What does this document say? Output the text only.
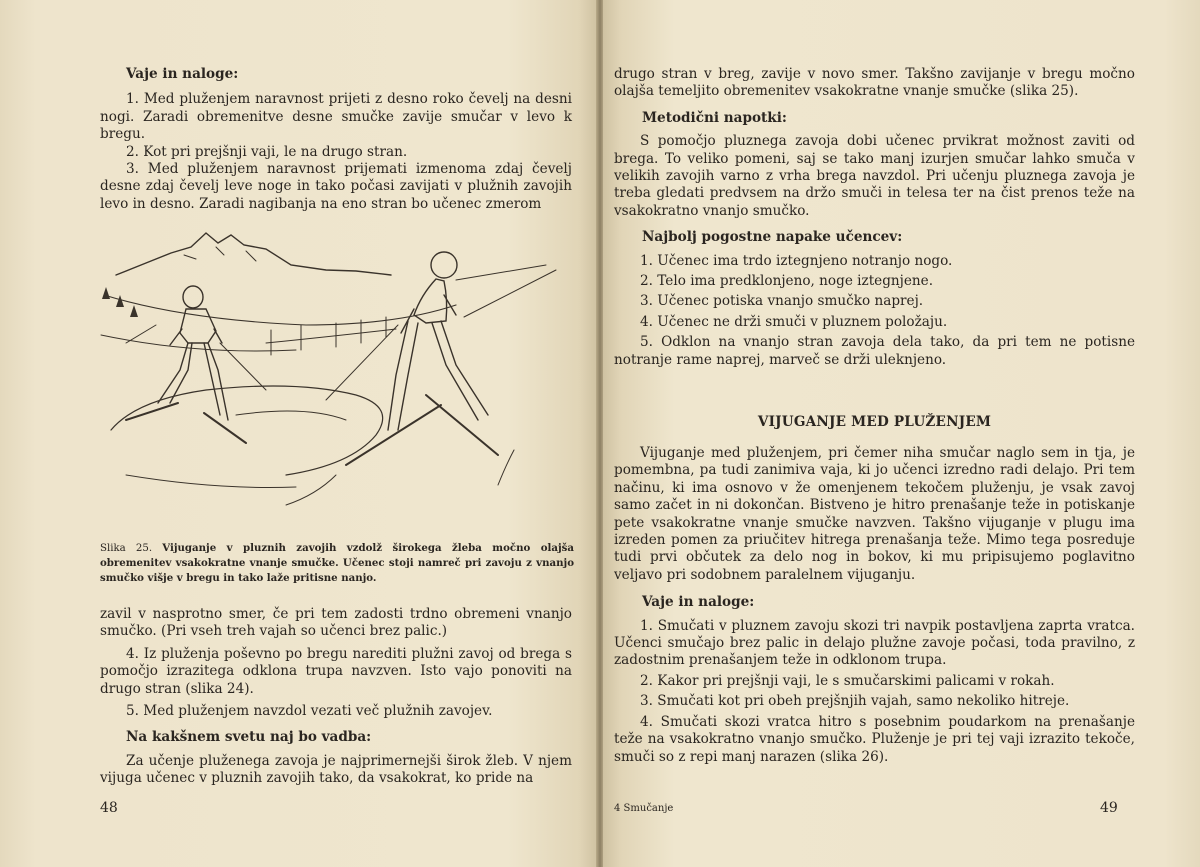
Vaje in naloge:

1. Med pluženjem naravnost prijeti z desno roko čevelj na desni nogi. Zaradi obremenitve desne smučke zavije smučar v levo k bregu.

2. Kot pri prejšnji vaji, le na drugo stran.

3. Med pluženjem naravnost prijemati izmenoma zdaj čevelj desne zdaj čevelj leve noge in tako počasi zavijati v plužnih zavojih levo in desno. Zaradi nagibanja na eno stran bo učenec zmerom

Slika 25. Vijuganje v pluznih zavojih vzdolž širokega žleba močno olajša obremenitev vsakokratne vnanje smučke. Učenec stoji namreč pri zavoju z vnanjo smučko višje v bregu in tako laže pritisne nanjo.

zavil v nasprotno smer, če pri tem zadosti trdno obremeni vnanjo smučko. (Pri vseh treh vajah so učenci brez palic.)

4. Iz pluženja poševno po bregu narediti plužni zavoj od brega s pomočjo izrazitega odklona trupa navzven. Isto vajo ponoviti na drugo stran (slika 24).

5. Med pluženjem navzdol vezati več plužnih zavojev.

Na kakšnem svetu naj bo vadba:

Za učenje pluženega zavoja je najprimernejši širok žleb. V njem vijuga učenec v pluznih zavojih tako, da vsakokrat, ko pride na

48

drugo stran v breg, zavije v novo smer. Takšno zavijanje v bregu močno olajša temeljito obremenitev vsakokratne vnanje smučke (slika 25).

Metodični napotki:

S pomočjo pluznega zavoja dobi učenec prvikrat možnost zaviti od brega. To veliko pomeni, saj se tako manj izurjen smučar lahko smuča v velikih zavojih varno z vrha brega navzdol. Pri učenju pluznega zavoja je treba gledati predvsem na držo smuči in telesa ter na čist prenos teže na vsakokratno vnanjo smučko.

Najbolj pogostne napake učencev:

1. Učenec ima trdo iztegnjeno notranjo nogo.

2. Telo ima predklonjeno, noge iztegnjene.

3. Učenec potiska vnanjo smučko naprej.

4. Učenec ne drži smuči v pluznem položaju.

5. Odklon na vnanjo stran zavoja dela tako, da pri tem ne potisne notranje rame naprej, marveč se drži uleknjeno.

VIJUGANJE MED PLUŽENJEM

Vijuganje med pluženjem, pri čemer niha smučar naglo sem in tja, je pomembna, pa tudi zanimiva vaja, ki jo učenci izredno radi delajo. Pri tem načinu, ki ima osnovo v že omenjenem tekočem pluženju, je vsak zavoj samo začet in ni dokončan. Bistveno je hitro prenašanje teže in potiskanje pete vsakokratne vnanje smučke navzven. Takšno vijuganje v plugu ima izreden pomen za priučitev hitrega prenašanja teže. Mimo tega posreduje tudi prvi občutek za delo nog in bokov, ki mu pripisujemo poglavitno veljavo pri sodobnem paralelnem vijuganju.

Vaje in naloge:

1. Smučati v pluznem zavoju skozi tri navpik postavljena zaprta vratca. Učenci smučajo brez palic in delajo plužne zavoje počasi, toda pravilno, z zadostnim prenašanjem teže in odklonom trupa.

2. Kakor pri prejšnji vaji, le s smučarskimi palicami v rokah.

3. Smučati kot pri obeh prejšnjih vajah, samo nekoliko hitreje.

4. Smučati skozi vratca hitro s posebnim poudarkom na prenašanje teže na vsakokratno vnanjo smučko. Pluženje je pri tej vaji izrazito tekoče, smuči so z repi manj narazen (slika 26).

4 Smučanje	49
